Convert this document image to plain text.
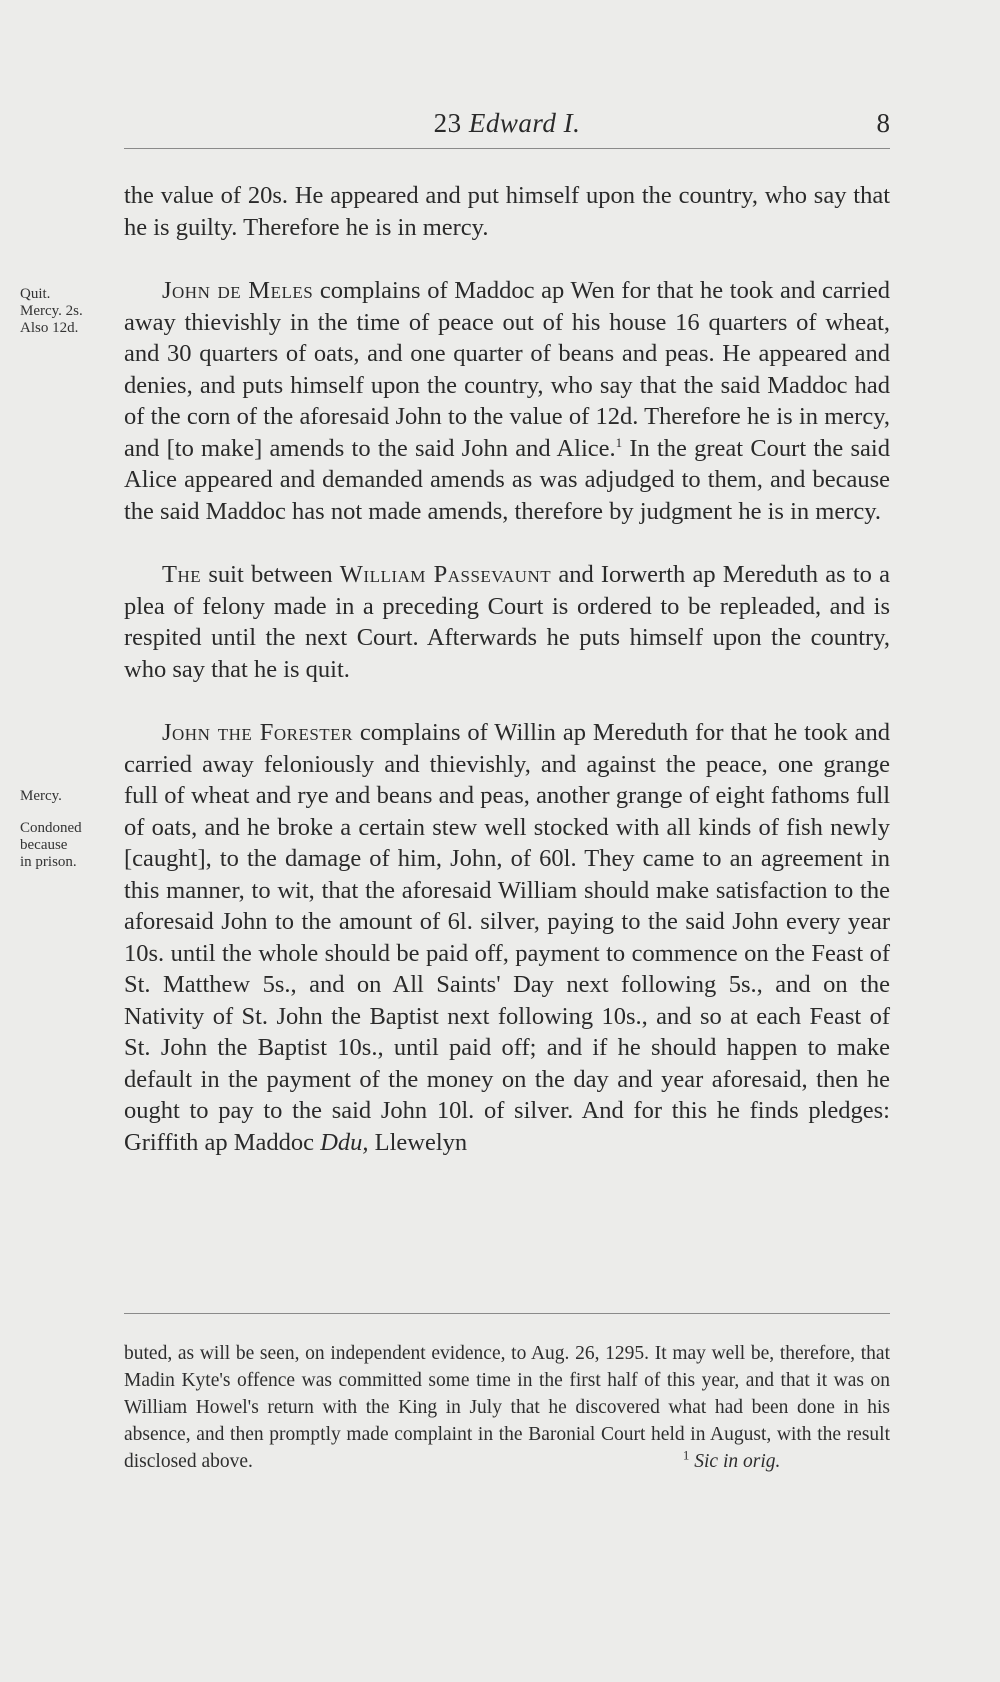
23 Edward I.	8
Quit.
Mercy. 2s.
Also 12d.
Mercy.
Condoned
because
in prison.

the value of 20s. He appeared and put himself upon the country, who say that he is guilty. Therefore he is in mercy.

John de Meles complains of Maddoc ap Wen for that he took and carried away thievishly in the time of peace out of his house 16 quarters of wheat, and 30 quarters of oats, and one quarter of beans and peas. He appeared and denies, and puts himself upon the country, who say that the said Maddoc had of the corn of the aforesaid John to the value of 12d. Therefore he is in mercy, and [to make] amends to the said John and Alice.$^1$ In the great Court the said Alice appeared and demanded amends as was adjudged to them, and because the said Maddoc has not made amends, therefore by judgment he is in mercy.

The suit between William Passevaunt and Iorwerth ap Mereduth as to a plea of felony made in a preceding Court is ordered to be repleaded, and is respited until the next Court. Afterwards he puts himself upon the country, who say that he is quit.

John the Forester complains of Willin ap Mereduth for that he took and carried away feloniously and thievishly, and against the peace, one grange full of wheat and rye and beans and peas, another grange of eight fathoms full of oats, and he broke a certain stew well stocked with all kinds of fish newly [caught], to the damage of him, John, of 60l. They came to an agreement in this manner, to wit, that the aforesaid William should make satisfaction to the aforesaid John to the amount of 6l. silver, paying to the said John every year 10s. until the whole should be paid off, payment to commence on the Feast of St. Matthew 5s., and on All Saints' Day next following 5s., and on the Nativity of St. John the Baptist next following 10s., and so at each Feast of St. John the Baptist 10s., until paid off; and if he should happen to make default in the payment of the money on the day and year aforesaid, then he ought to pay to the said John 10l. of silver. And for this he finds pledges: Griffith ap Maddoc Ddu, Llewelyn

buted, as will be seen, on independent evidence, to Aug. 26, 1295. It may well be, therefore, that Madin Kyte's offence was committed some time in the first half of this year, and that it was on William Howel's return with the King in July that he discovered what had been done in his absence, and then promptly made complaint in the Baronial Court held in August, with the result disclosed above.	$^1$ Sic in orig.
